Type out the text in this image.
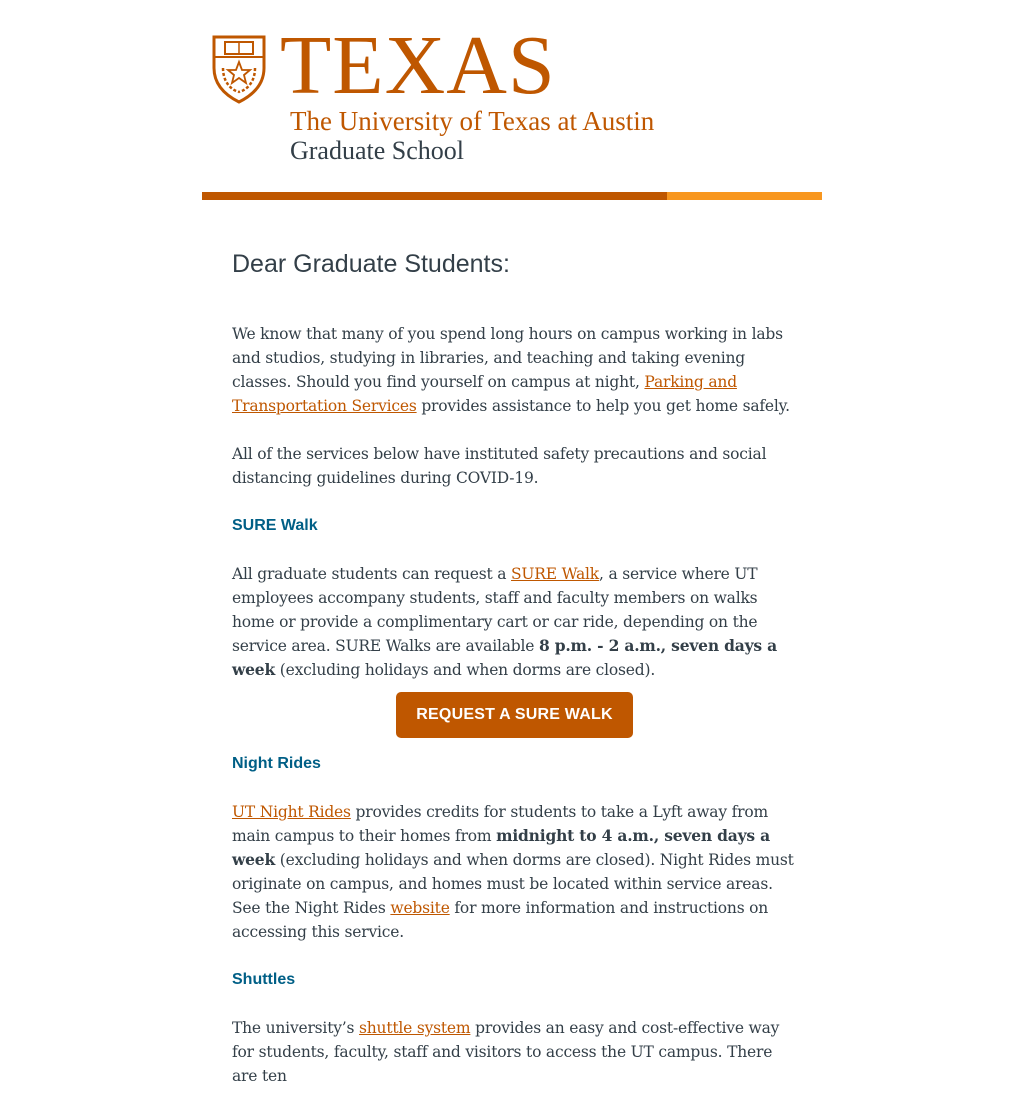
TEXAS
The University of Texas at Austin
Graduate School
Dear Graduate Students:

We know that many of you spend long hours on campus working in labs and studios, studying in libraries, and teaching and taking evening classes. Should you find yourself on campus at night, Parking and Transportation Services provides assistance to help you get home safely.

All of the services below have instituted safety precautions and social distancing guidelines during COVID-19.

SURE Walk

All graduate students can request a SURE Walk, a service where UT employees accompany students, staff and faculty members on walks home or provide a complimentary cart or car ride, depending on the service area. SURE Walks are available 8 p.m. - 2 a.m., seven days a week (excluding holidays and when dorms are closed).

REQUEST A SURE WALK
Night Rides

UT Night Rides provides credits for students to take a Lyft away from main campus to their homes from midnight to 4 a.m., seven days a week (excluding holidays and when dorms are closed). Night Rides must originate on campus, and homes must be located within service areas. See the Night Rides website for more information and instructions on accessing this service.

Shuttles

The university’s shuttle system provides an easy and cost-effective way for students, faculty, staff and visitors to access the UT campus. There are ten
